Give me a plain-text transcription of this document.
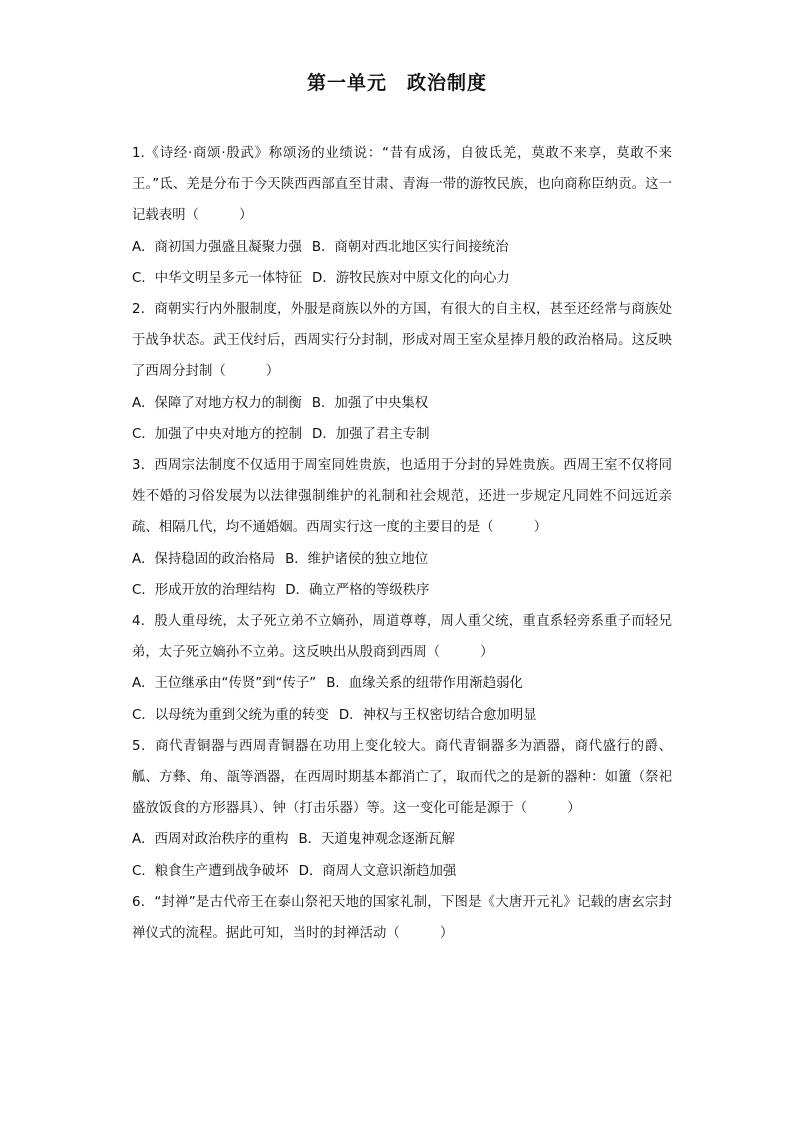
第一单元　政治制度

1.《诗经·商颂·殷武》称颂汤的业绩说：“昔有成汤，自彼氐羌，莫敢不来享，莫敢不来王。”氐、羌是分布于今天陕西西部直至甘肃、青海一带的游牧民族，也向商称臣纳贡。这一记载表明（　　　）

A．商初国力强盛且凝聚力强 B．商朝对西北地区实行间接统治

C．中华文明呈多元一体特征 D．游牧民族对中原文化的向心力

2．商朝实行内外服制度，外服是商族以外的方国，有很大的自主权，甚至还经常与商族处于战争状态。武王伐纣后，西周实行分封制，形成对周王室众星捧月般的政治格局。这反映了西周分封制（　　　）

A．保障了对地方权力的制衡 B．加强了中央集权

C．加强了中央对地方的控制 D．加强了君主专制

3．西周宗法制度不仅适用于周室同姓贵族，也适用于分封的异姓贵族。西周王室不仅将同姓不婚的习俗发展为以法律强制维护的礼制和社会规范，还进一步规定凡同姓不问远近亲疏、相隔几代，均不通婚姻。西周实行这一度的主要目的是（　　　）

A．保持稳固的政治格局 B．维护诸侯的独立地位

C．形成开放的治理结构 D．确立严格的等级秩序

4．殷人重母统，太子死立弟不立嫡孙，周道尊尊，周人重父统，重直系轻旁系重子而轻兄弟，太子死立嫡孙不立弟。这反映出从殷商到西周（　　　）

A．王位继承由“传贤”到“传子” B．血缘关系的纽带作用渐趋弱化

C．以母统为重到父统为重的转变 D．神权与王权密切结合愈加明显

5．商代青铜器与西周青铜器在功用上变化较大。商代青铜器多为酒器，商代盛行的爵、觚、方彝、角、瓿等酒器，在西周时期基本都消亡了，取而代之的是新的器种：如簠（祭祀盛放饭食的方形器具）、钟（打击乐器）等。这一变化可能是源于（　　　）

A．西周对政治秩序的重构 B．天道鬼神观念逐渐瓦解

C．粮食生产遭到战争破坏 D．商周人文意识渐趋加强

6．“封禅”是古代帝王在泰山祭祀天地的国家礼制，下图是《大唐开元礼》记载的唐玄宗封禅仪式的流程。据此可知，当时的封禅活动（　　　）
